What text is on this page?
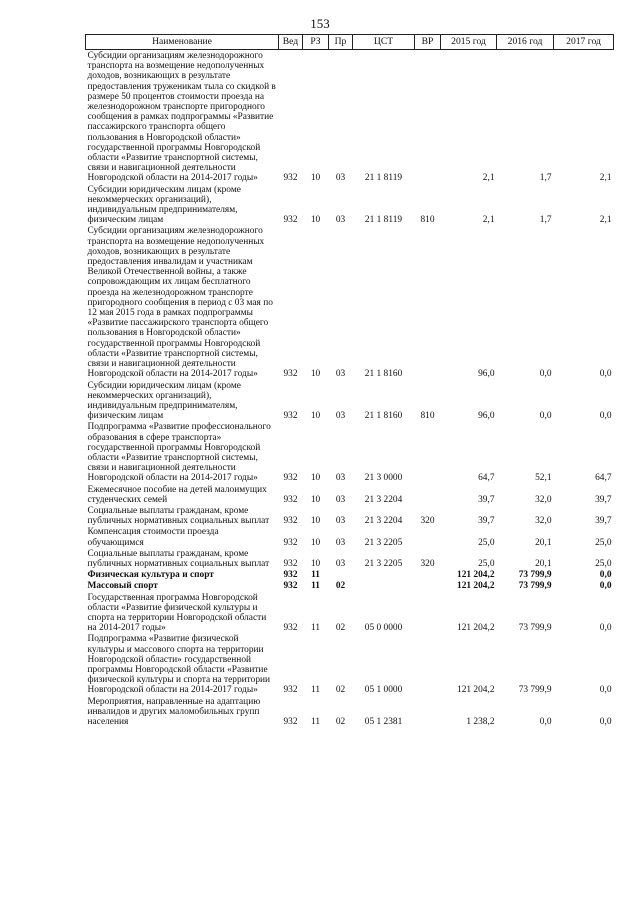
153
Наименование	Вед	РЗ	Пр	ЦСТ	ВР	2015 год	2016 год	2017 год
Субсидии организациям железнодорожного транспорта на возмещение недополученных доходов, возникающих в результате предоставления труженикам тыла со скидкой в размере 50 процентов стоимости проезда на железнодорожном транспорте пригородного сообщения в рамках подпрограммы «Развитие пассажирского транспорта общего пользования в Новгородской области» государственной программы Новгородской области «Развитие транспортной системы, связи и навигационной деятельности Новгородской области на 2014-2017 годы»	932	10	03	21 1 8119		2,1	1,7	2,1
Субсидии юридическим лицам (кроме некоммерческих организаций), индивидуальным предпринимателям, физическим лицам	932	10	03	21 1 8119	810	2,1	1,7	2,1
Субсидии организациям железнодорожного транспорта на возмещение недополученных доходов, возникающих в результате предоставления инвалидам и участникам Великой Отечественной войны, а также сопровождающим их лицам бесплатного проезда на железнодорожном транспорте пригородного сообщения в период с 03 мая по 12 мая 2015 года в рамках подпрограммы «Развитие пассажирского транспорта общего пользования в Новгородской области» государственной программы Новгородской области «Развитие транспортной системы, связи и навигационной деятельности Новгородской области на 2014-2017 годы»	932	10	03	21 1 8160		96,0	0,0	0,0
Субсидии юридическим лицам (кроме некоммерческих организаций), индивидуальным предпринимателям, физическим лицам	932	10	03	21 1 8160	810	96,0	0,0	0,0
Подпрограмма «Развитие профессионального образования в сфере транспорта» государственной программы Новгородской области «Развитие транспортной системы, связи и навигационной деятельности Новгородской области на 2014-2017 годы»	932	10	03	21 3 0000		64,7	52,1	64,7
Ежемесячное пособие на детей малоимущих студенческих семей	932	10	03	21 3 2204		39,7	32,0	39,7
Социальные выплаты гражданам, кроме публичных нормативных социальных выплат	932	10	03	21 3 2204	320	39,7	32,0	39,7
Компенсация стоимости проезда обучающимся	932	10	03	21 3 2205		25,0	20,1	25,0
Социальные выплаты гражданам, кроме публичных нормативных социальных выплат	932	10	03	21 3 2205	320	25,0	20,1	25,0
Физическая культура и спорт	932	11				121 204,2	73 799,9	0,0
Массовый спорт	932	11	02			121 204,2	73 799,9	0,0
Государственная программа Новгородской области «Развитие физической культуры и спорта на территории Новгородской области на 2014-2017 годы»	932	11	02	05 0 0000		121 204,2	73 799,9	0,0
Подпрограмма «Развитие физической культуры и массового спорта на территории Новгородской области» государственной программы Новгородской области «Развитие физической культуры и спорта на территории Новгородской области на 2014-2017 годы»	932	11	02	05 1 0000		121 204,2	73 799,9	0,0
Мероприятия, направленные на адаптацию инвалидов и других маломобильных групп населения	932	11	02	05 1 2381		1 238,2	0,0	0,0
